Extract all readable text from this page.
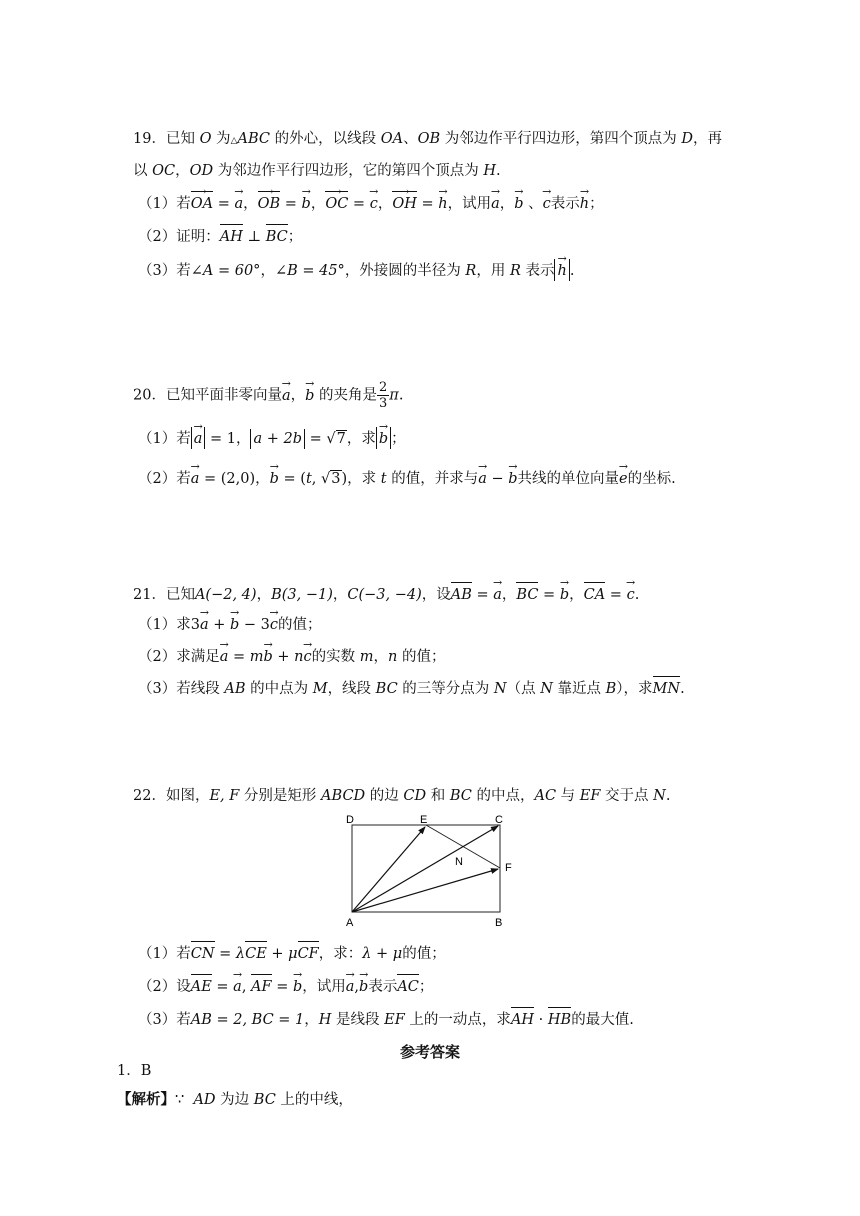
19．已知 O 为△ABC 的外心，以线段 OA、OB 为邻边作平行四边形，第四个顶点为 D，再
以 OC，OD 为邻边作平行四边形，它的第四个顶点为 H.
（1）若→ OA = → a，→ OB = → b，→ OC = → c，→ OH = → h，试用→ a，→ b 、→ c表示→ h；
（2）证明：AH ⊥ BC；
（3）若∠A = 60°，∠B = 45°，外接圆的半径为 R，用 R 表示 → h .
20．已知平面非零向量→ a，→ b 的夹角是 $\frac{2}{3} \pi$.
（1）若 → a = 1， a + 2b = √7，求 → b ；
（2）若→ a = (2,0)，→ b = (t, √3)，求 t 的值，并求与→ a − → b共线的单位向量→ e的坐标.
21．已知A(−2, 4)，B(3, −1)，C(−3, −4)，设AB = → a，BC = → b，CA = → c.
（1）求3→ a + → b − 3→ c的值；
（2）求满足→ a = m→ b + n→ c的实数 m，n 的值；
（3）若线段 AB 的中点为 M，线段 BC 的三等分点为 N（点 N 靠近点 B），求MN.
22．如图，E, F 分别是矩形 ABCD 的边 CD 和 BC 的中点，AC 与 EF 交于点 N.
D	E	C
N	F
A	B
（1）若CN = λCE + μCF，求：λ + μ的值；
（2）设AE = → a, AF = → b，试用→ a,→ b表示AC；
（3）若AB = 2, BC = 1，H 是线段 EF 上的一动点，求AH · HB的最大值.
参考答案
1．B
【解析】∵ AD 为边 BC 上的中线，
